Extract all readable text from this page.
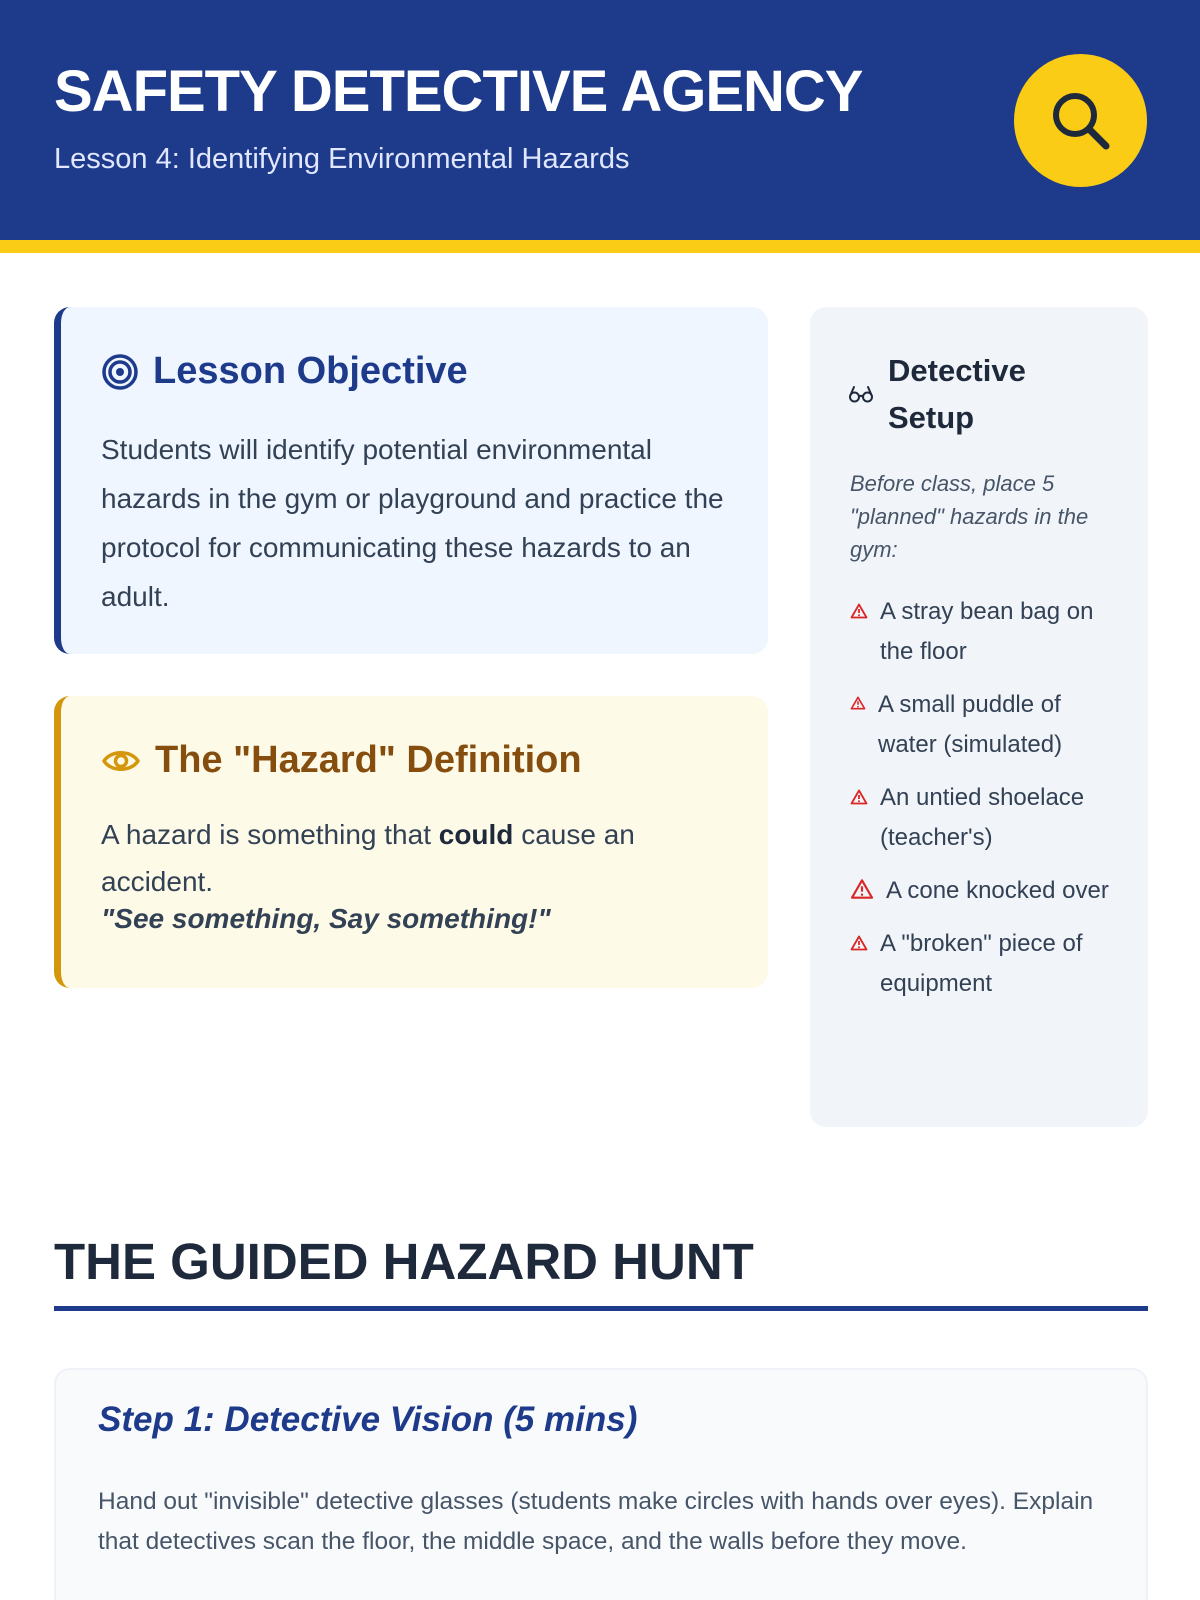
SAFETY DETECTIVE AGENCY
Lesson 4: Identifying Environmental Hazards
Lesson Objective

Students will identify potential environmental hazards in the gym or playground and practice the protocol for communicating these hazards to an adult.

The "Hazard" Definition

A hazard is something that could cause an accident.

"See something, Say something!"
Detective Setup

Before class, place 5 "planned" hazards in the gym:

A stray bean bag on the floor
A small puddle of water (simulated)
An untied shoelace (teacher's)
A cone knocked over
A "broken" piece of equipment
THE GUIDED HAZARD HUNT
Step 1: Detective Vision (5 mins)

Hand out "invisible" detective glasses (students make circles with hands over eyes). Explain that detectives scan the floor, the middle space, and the walls before they move.
